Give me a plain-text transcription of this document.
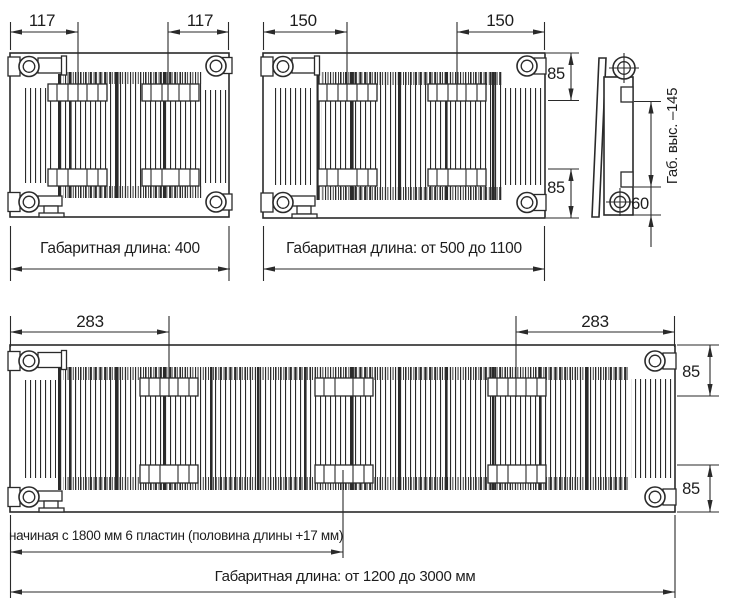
117	117
Габаритная длина: 400
150	150
85
85
Габаритная длина: от 500 до 1100
60
Габ. выс. –145
283	283
85
85
начиная с 1800 мм 6 пластин (половина длины +17 мм)
Габаритная длина: от 1200 до 3000 мм
